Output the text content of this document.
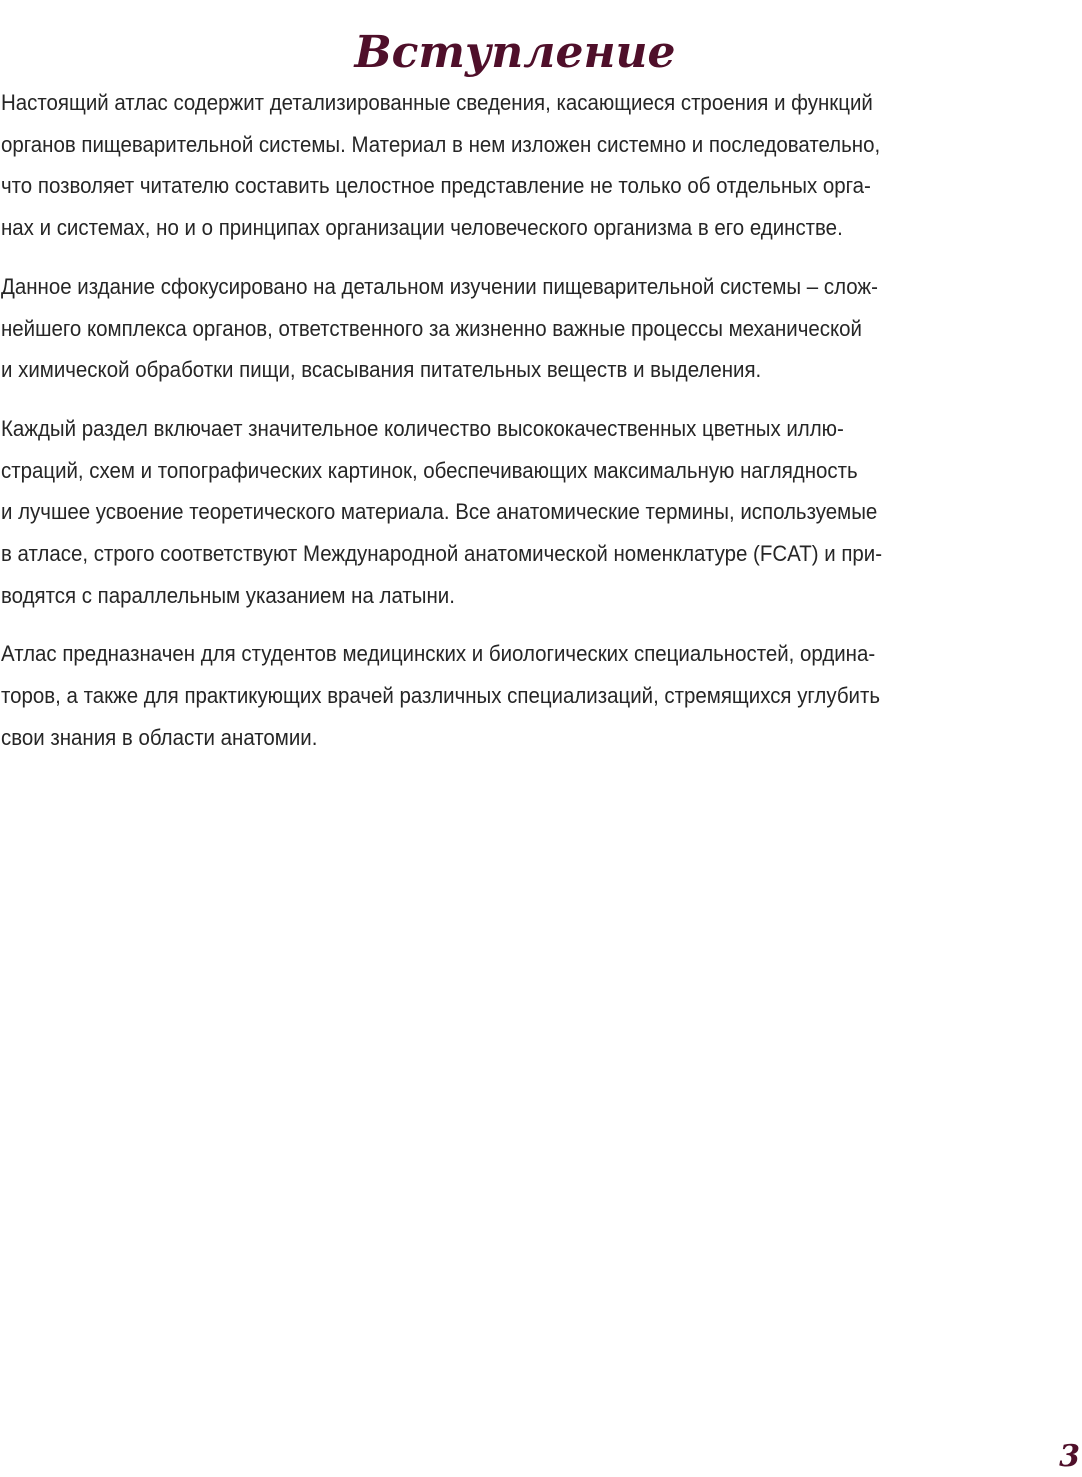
Вступление

Настоящий атлас содержит детализированные сведения, касающиеся строения и функций
органов пищеварительной системы. Материал в нем изложен системно и последовательно,
что позволяет читателю составить целостное представление не только об отдельных орга-
нах и системах, но и о принципах организации человеческого организма в его единстве.

Данное издание сфокусировано на детальном изучении пищеварительной системы – слож-
нейшего комплекса органов, ответственного за жизненно важные процессы механической
и химической обработки пищи, всасывания питательных веществ и выделения.

Каждый раздел включает значительное количество высококачественных цветных иллю-
страций, схем и топографических картинок, обеспечивающих максимальную наглядность
и лучшее усвоение теоретического материала. Все анатомические термины, используемые
в атласе, строго соответствуют Международной анатомической номенклатуре (FCAT) и при-
водятся с параллельным указанием на латыни.

Атлас предназначен для студентов медицинских и биологических специальностей, ордина-
торов, а также для практикующих врачей различных специализаций, стремящихся углубить
свои знания в области анатомии.

3
